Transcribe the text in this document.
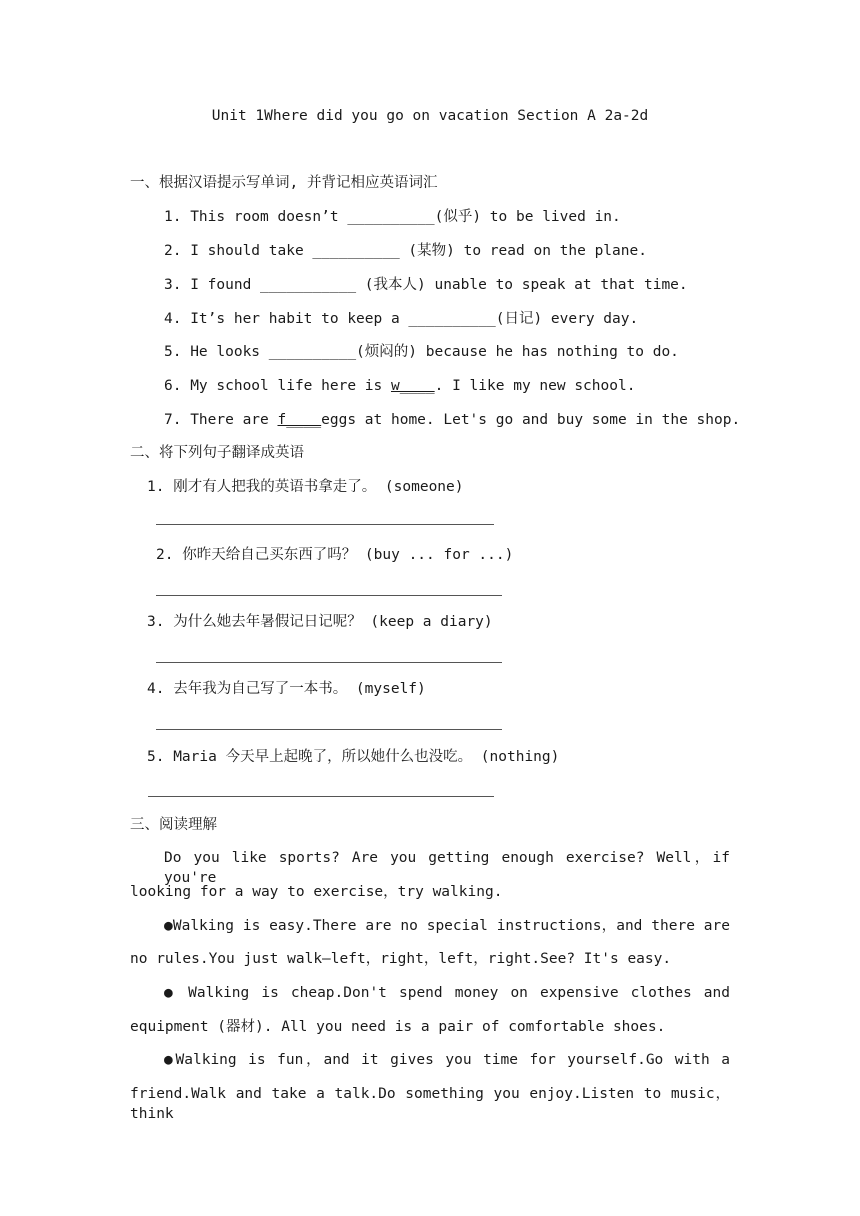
Unit 1Where did you go on vacation Section A 2a-2d
一、根据汉语提示写单词, 并背记相应英语词汇
1. This room doesn’t __________(似乎) to be lived in.
2. I should take __________ (某物) to read on the plane.
3. I found ___________ (我本人) unable to speak at that time.
4. It’s her habit to keep a __________(日记) every day.
5. He looks __________(烦闷的) because he has nothing to do.
6. My school life here is w____. I like my new school.
7. There are f____eggs at home. Let's go and buy some in the shop.
二、将下列句子翻译成英语
1. 刚才有人把我的英语书拿走了。 (someone)
2. 你昨天给自己买东西了吗？ (buy ... for ...)
3. 为什么她去年暑假记日记呢？ (keep a diary)
4. 去年我为自己写了一本书。 (myself)
5. Maria 今天早上起晚了，所以她什么也没吃。 (nothing)
三、阅读理解
Do you like sports? Are you getting enough exercise? Well，if you're
looking for a way to exercise，try walking.
●Walking is easy.There are no special instructions，and there are
no rules.You just walk—left，right，left，right.See? It's easy.
● Walking is cheap.Don't spend money on expensive clothes and
equipment (器材). All you need is a pair of comfortable shoes.
●Walking is fun，and it gives you time for yourself.Go with a
friend.Walk and take a talk.Do something you enjoy.Listen to music，think
